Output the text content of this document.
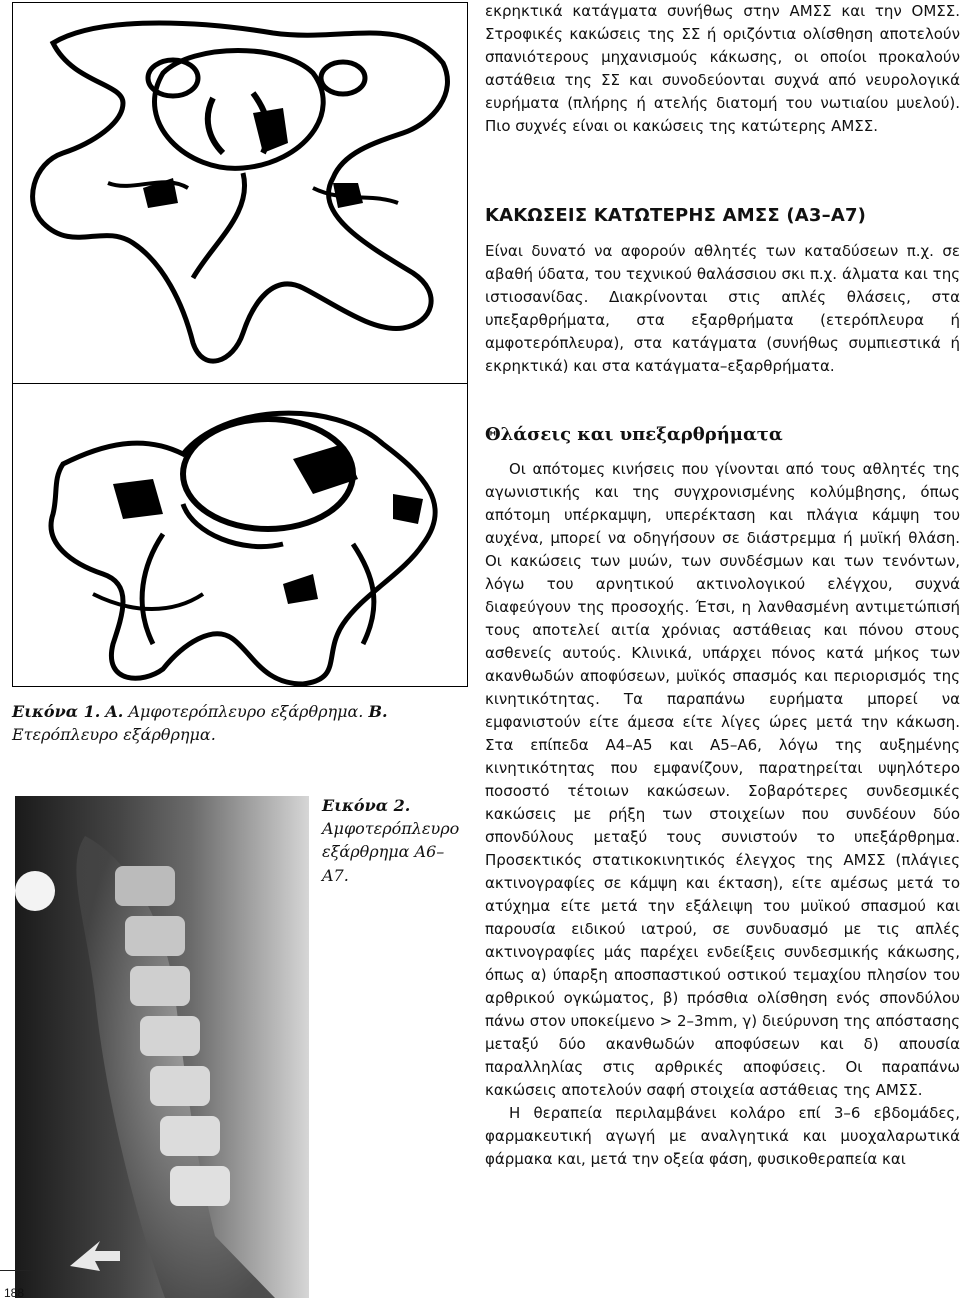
Εικόνα 1. Α. Αμφοτερόπλευρο εξάρθρημα. Β. Ετερόπλευρο εξάρθρημα.
Εικόνα 2. Αμφοτερόπλευρο εξάρθρημα Α6–Α7.
εκρηκτικά κατάγματα συνήθως στην ΑΜΣΣ και την ΟΜΣΣ. Στροφικές κακώσεις της ΣΣ ή οριζόντια ολίσθηση αποτελούν σπανιότερους μηχανισμούς κάκωσης, οι οποίοι προκαλούν αστάθεια της ΣΣ και συνοδεύονται συχνά από νευρολογικά ευρήματα (πλήρης ή ατελής διατομή του νωτιαίου μυελού). Πιο συχνές είναι οι κακώσεις της κατώτερης ΑΜΣΣ.
ΚΑΚΩΣΕΙΣ ΚΑΤΩΤΕΡΗΣ ΑΜΣΣ (Α3–Α7)
Είναι δυνατό να αφορούν αθλητές των καταδύσεων π.χ. σε αβαθή ύδατα, του τεχνικού θαλάσσιου σκι π.χ. άλματα και της ιστιοσανίδας. Διακρίνονται στις απλές θλάσεις, στα υπεξαρθρήματα, στα εξαρθρήματα (ετερόπλευρα ή αμφοτερόπλευρα), στα κατάγματα (συνήθως συμπιεστικά ή εκρηκτικά) και στα κατάγματα–εξαρθρήματα.
Θλάσεις και υπεξαρθρήματα
Οι απότομες κινήσεις που γίνονται από τους αθλητές της αγωνιστικής και της συγχρονισμένης κολύμβησης, όπως απότομη υπέρκαμψη, υπερέκταση και πλάγια κάμψη του αυχένα, μπορεί να οδηγήσουν σε διάστρεμμα ή μυϊκή θλάση. Οι κακώσεις των μυών, των συνδέσμων και των τενόντων, λόγω του αρνητικού ακτινολογικού ελέγχου, συχνά διαφεύγουν της προσοχής. Έτσι, η λανθασμένη αντιμετώπισή τους αποτελεί αιτία χρόνιας αστάθειας και πόνου στους ασθενείς αυτούς. Κλινικά, υπάρχει πόνος κατά μήκος των ακανθωδών αποφύσεων, μυϊκός σπασμός και περιορισμός της κινητικότητας. Τα παραπάνω ευρήματα μπορεί να εμφανιστούν είτε άμεσα είτε λίγες ώρες μετά την κάκωση. Στα επίπεδα Α4–Α5 και Α5–Α6, λόγω της αυξημένης κινητικότητας που εμφανίζουν, παρατηρείται υψηλότερο ποσοστό τέτοιων κακώσεων. Σοβαρότερες συνδεσμικές κακώσεις με ρήξη των στοιχείων που συνδέουν δύο σπονδύλους μεταξύ τους συνιστούν το υπεξάρθρημα. Προσεκτικός στατικοκινητικός έλεγχος της ΑΜΣΣ (πλάγιες ακτινογραφίες σε κάμψη και έκταση), είτε αμέσως μετά το ατύχημα είτε μετά την εξάλειψη του μυϊκού σπασμού και παρουσία ειδικού ιατρού, σε συνδυασμό με τις απλές ακτινογραφίες μάς παρέχει ενδείξεις συνδεσμικής κάκωσης, όπως α) ύπαρξη αποσπαστικού οστικού τεμαχίου πλησίον του αρθρικού ογκώματος, β) πρόσθια ολίσθηση ενός σπονδύλου πάνω στον υποκείμενο > 2–3mm, γ) διεύρυνση της απόστασης μεταξύ δύο ακανθωδών αποφύσεων και δ) απουσία παραλληλίας στις αρθρικές αποφύσεις. Οι παραπάνω κακώσεις αποτελούν σαφή στοιχεία αστάθειας της ΑΜΣΣ.
Η θεραπεία περιλαμβάνει κολάρο επί 3–6 εβδομάδες, φαρμακευτική αγωγή με αναλγητικά και μυοχαλαρωτικά φάρμακα και, μετά την οξεία φάση, φυσικοθεραπεία και
188
